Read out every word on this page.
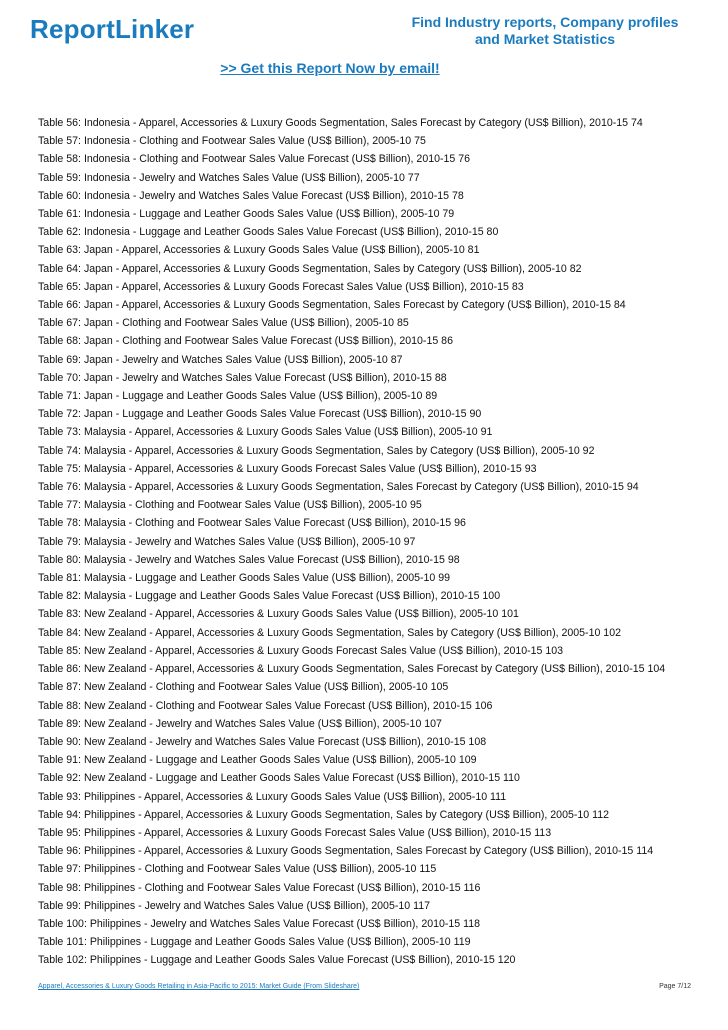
ReportLinker	Find Industry reports, Company profiles
and Market Statistics
>> Get this Report Now by email!
Table 56: Indonesia - Apparel, Accessories & Luxury Goods Segmentation, Sales Forecast by Category (US$ Billion), 2010-15 74
Table 57: Indonesia - Clothing and Footwear Sales Value (US$ Billion), 2005-10 75
Table 58: Indonesia - Clothing and Footwear Sales Value Forecast (US$ Billion), 2010-15 76
Table 59: Indonesia - Jewelry and Watches Sales Value (US$ Billion), 2005-10 77
Table 60: Indonesia - Jewelry and Watches Sales Value Forecast (US$ Billion), 2010-15 78
Table 61: Indonesia - Luggage and Leather Goods Sales Value (US$ Billion), 2005-10 79
Table 62: Indonesia - Luggage and Leather Goods Sales Value Forecast (US$ Billion), 2010-15 80
Table 63: Japan - Apparel, Accessories & Luxury Goods Sales Value (US$ Billion), 2005-10 81
Table 64: Japan - Apparel, Accessories & Luxury Goods Segmentation, Sales by Category (US$ Billion), 2005-10 82
Table 65: Japan - Apparel, Accessories & Luxury Goods Forecast Sales Value (US$ Billion), 2010-15 83
Table 66: Japan - Apparel, Accessories & Luxury Goods Segmentation, Sales Forecast by Category (US$ Billion), 2010-15 84
Table 67: Japan - Clothing and Footwear Sales Value (US$ Billion), 2005-10 85
Table 68: Japan - Clothing and Footwear Sales Value Forecast (US$ Billion), 2010-15 86
Table 69: Japan - Jewelry and Watches Sales Value (US$ Billion), 2005-10 87
Table 70: Japan - Jewelry and Watches Sales Value Forecast (US$ Billion), 2010-15 88
Table 71: Japan - Luggage and Leather Goods Sales Value (US$ Billion), 2005-10 89
Table 72: Japan - Luggage and Leather Goods Sales Value Forecast (US$ Billion), 2010-15 90
Table 73: Malaysia - Apparel, Accessories & Luxury Goods Sales Value (US$ Billion), 2005-10 91
Table 74: Malaysia - Apparel, Accessories & Luxury Goods Segmentation, Sales by Category (US$ Billion), 2005-10 92
Table 75: Malaysia - Apparel, Accessories & Luxury Goods Forecast Sales Value (US$ Billion), 2010-15 93
Table 76: Malaysia - Apparel, Accessories & Luxury Goods Segmentation, Sales Forecast by Category (US$ Billion), 2010-15 94
Table 77: Malaysia - Clothing and Footwear Sales Value (US$ Billion), 2005-10 95
Table 78: Malaysia - Clothing and Footwear Sales Value Forecast (US$ Billion), 2010-15 96
Table 79: Malaysia - Jewelry and Watches Sales Value (US$ Billion), 2005-10 97
Table 80: Malaysia - Jewelry and Watches Sales Value Forecast (US$ Billion), 2010-15 98
Table 81: Malaysia - Luggage and Leather Goods Sales Value (US$ Billion), 2005-10 99
Table 82: Malaysia - Luggage and Leather Goods Sales Value Forecast (US$ Billion), 2010-15 100
Table 83: New Zealand - Apparel, Accessories & Luxury Goods Sales Value (US$ Billion), 2005-10 101
Table 84: New Zealand - Apparel, Accessories & Luxury Goods Segmentation, Sales by Category (US$ Billion), 2005-10 102
Table 85: New Zealand - Apparel, Accessories & Luxury Goods Forecast Sales Value (US$ Billion), 2010-15 103
Table 86: New Zealand - Apparel, Accessories & Luxury Goods Segmentation, Sales Forecast by Category (US$ Billion), 2010-15 104
Table 87: New Zealand - Clothing and Footwear Sales Value (US$ Billion), 2005-10 105
Table 88: New Zealand - Clothing and Footwear Sales Value Forecast (US$ Billion), 2010-15 106
Table 89: New Zealand - Jewelry and Watches Sales Value (US$ Billion), 2005-10 107
Table 90: New Zealand - Jewelry and Watches Sales Value Forecast (US$ Billion), 2010-15 108
Table 91: New Zealand - Luggage and Leather Goods Sales Value (US$ Billion), 2005-10 109
Table 92: New Zealand - Luggage and Leather Goods Sales Value Forecast (US$ Billion), 2010-15 110
Table 93: Philippines - Apparel, Accessories & Luxury Goods Sales Value (US$ Billion), 2005-10 111
Table 94: Philippines - Apparel, Accessories & Luxury Goods Segmentation, Sales by Category (US$ Billion), 2005-10 112
Table 95: Philippines - Apparel, Accessories & Luxury Goods Forecast Sales Value (US$ Billion), 2010-15 113
Table 96: Philippines - Apparel, Accessories & Luxury Goods Segmentation, Sales Forecast by Category (US$ Billion), 2010-15 114
Table 97: Philippines - Clothing and Footwear Sales Value (US$ Billion), 2005-10 115
Table 98: Philippines - Clothing and Footwear Sales Value Forecast (US$ Billion), 2010-15 116
Table 99: Philippines - Jewelry and Watches Sales Value (US$ Billion), 2005-10 117
Table 100: Philippines - Jewelry and Watches Sales Value Forecast (US$ Billion), 2010-15 118
Table 101: Philippines - Luggage and Leather Goods Sales Value (US$ Billion), 2005-10 119
Table 102: Philippines - Luggage and Leather Goods Sales Value Forecast (US$ Billion), 2010-15 120
Apparel, Accessories & Luxury Goods Retailing in Asia-Pacific to 2015: Market Guide (From Slideshare)	Page 7/12
